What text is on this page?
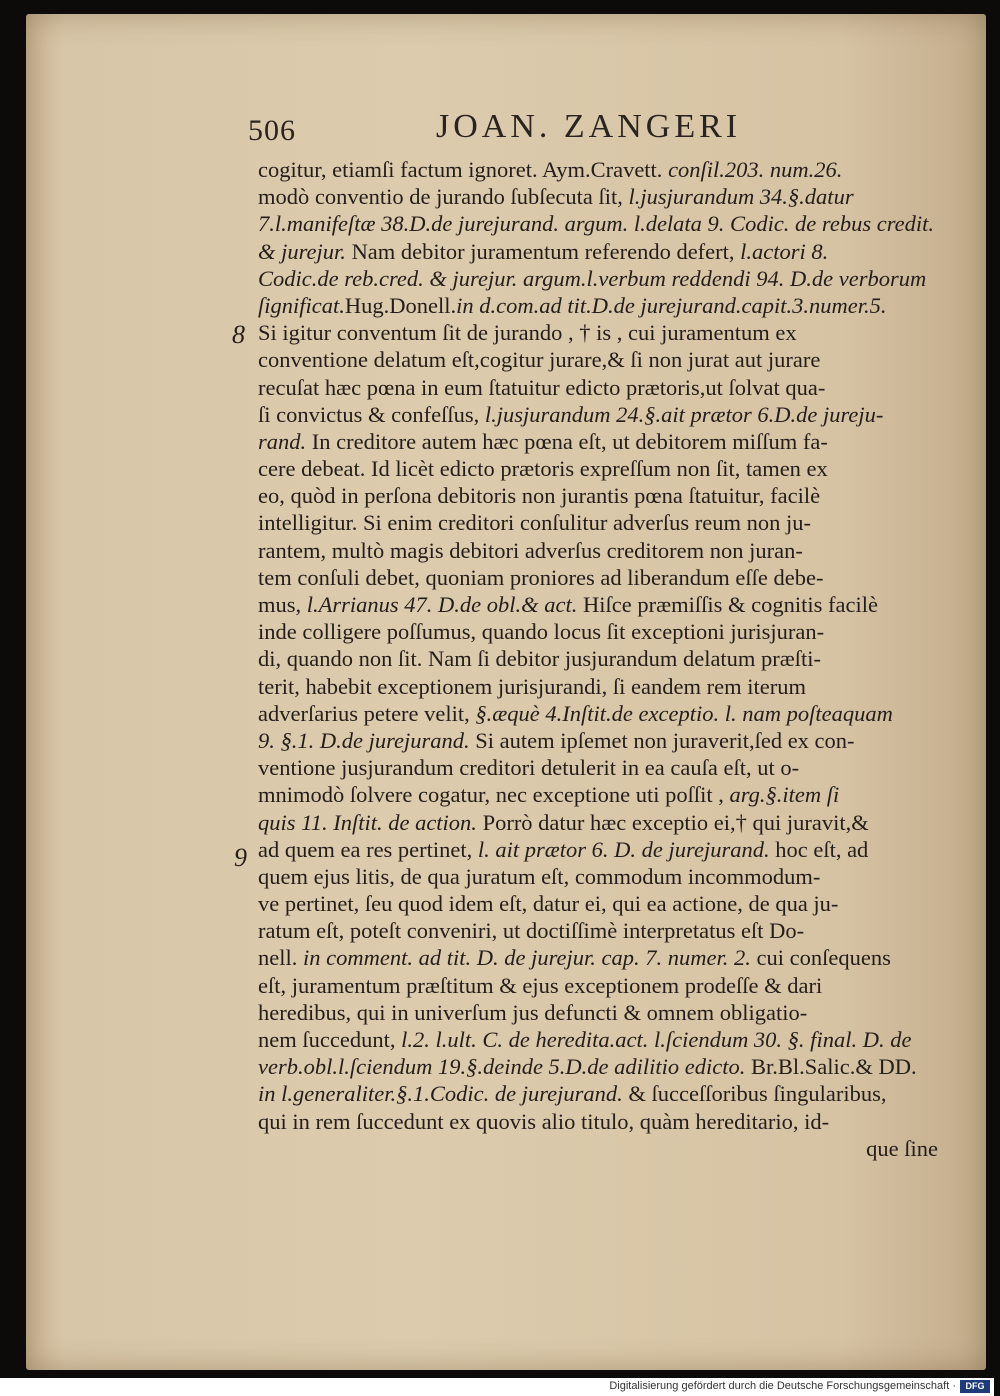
506	JOAN. ZANGERI
8
9
cogitur, etiamſi factum ignoret. Aym.Cravett. conſil.203. num.26.
modò conventio de jurando ſubſecuta ſit, l.jusjurandum 34.§.datur
7.l.manifeſtæ 38.D.de jurejurand. argum. l.delata 9. Codic. de rebus credit.
& jurejur. Nam debitor juramentum referendo defert, l.actori 8.
Codic.de reb.cred. & jurejur. argum.l.verbum reddendi 94. D.de verborum
ſignificat.Hug.Donell.in d.com.ad tit.D.de jurejurand.capit.3.numer.5.
Si igitur conventum ſit de jurando , † is , cui juramentum ex
conventione delatum eſt,cogitur jurare,& ſi non jurat aut jurare
recuſat hæc pœna in eum ſtatuitur edicto prætoris,ut ſolvat qua-
ſi convictus & confeſſus, l.jusjurandum 24.§.ait prætor 6.D.de jureju-
rand. In creditore autem hæc pœna eſt, ut debitorem miſſum fa-
cere debeat. Id licèt edicto prætoris expreſſum non ſit, tamen ex
eo, quòd in perſona debitoris non jurantis pœna ſtatuitur, facilè
intelligitur. Si enim creditori conſulitur adverſus reum non ju-
rantem, multò magis debitori adverſus creditorem non juran-
tem conſuli debet, quoniam proniores ad liberandum eſſe debe-
mus, l.Arrianus 47. D.de obl.& act. Hiſce præmiſſis & cognitis facilè
inde colligere poſſumus, quando locus ſit exceptioni jurisjuran-
di, quando non ſit. Nam ſi debitor jusjurandum delatum præſti-
terit, habebit exceptionem jurisjurandi, ſi eandem rem iterum
adverſarius petere velit, §.æquè 4.Inſtit.de exceptio. l. nam poſteaquam
9. §.1. D.de jurejurand. Si autem ipſemet non juraverit,ſed ex con-
ventione jusjurandum creditori detulerit in ea cauſa eſt, ut o-
mnimodò ſolvere cogatur, nec exceptione uti poſſit , arg.§.item ſi
quis 11. Inſtit. de action. Porrò datur hæc exceptio ei,† qui juravit,&
ad quem ea res pertinet, l. ait prætor 6. D. de jurejurand. hoc eſt, ad
quem ejus litis, de qua juratum eſt, commodum incommodum-
ve pertinet, ſeu quod idem eſt, datur ei, qui ea actione, de qua ju-
ratum eſt, poteſt conveniri, ut doctiſſimè interpretatus eſt Do-
nell. in comment. ad tit. D. de jurejur. cap. 7. numer. 2. cui conſequens
eſt, juramentum præſtitum & ejus exceptionem prodeſſe & dari
heredibus, qui in univerſum jus defuncti & omnem obligatio-
nem ſuccedunt, l.2. l.ult. C. de hereditа.act. l.ſciendum 30. §. final. D. de
verb.obl.l.ſciendum 19.§.deinde 5.D.de adilitio edicto. Br.Bl.Salic.& DD.
in l.generaliter.§.1.Codic. de jurejurand. & ſucceſſoribus ſingularibus,
qui in rem ſuccedunt ex quovis alio titulo, quàm hereditario, id-
que ſine
Digitalisierung gefördert durch die Deutsche Forschungsgemeinschaft ·	DFG
